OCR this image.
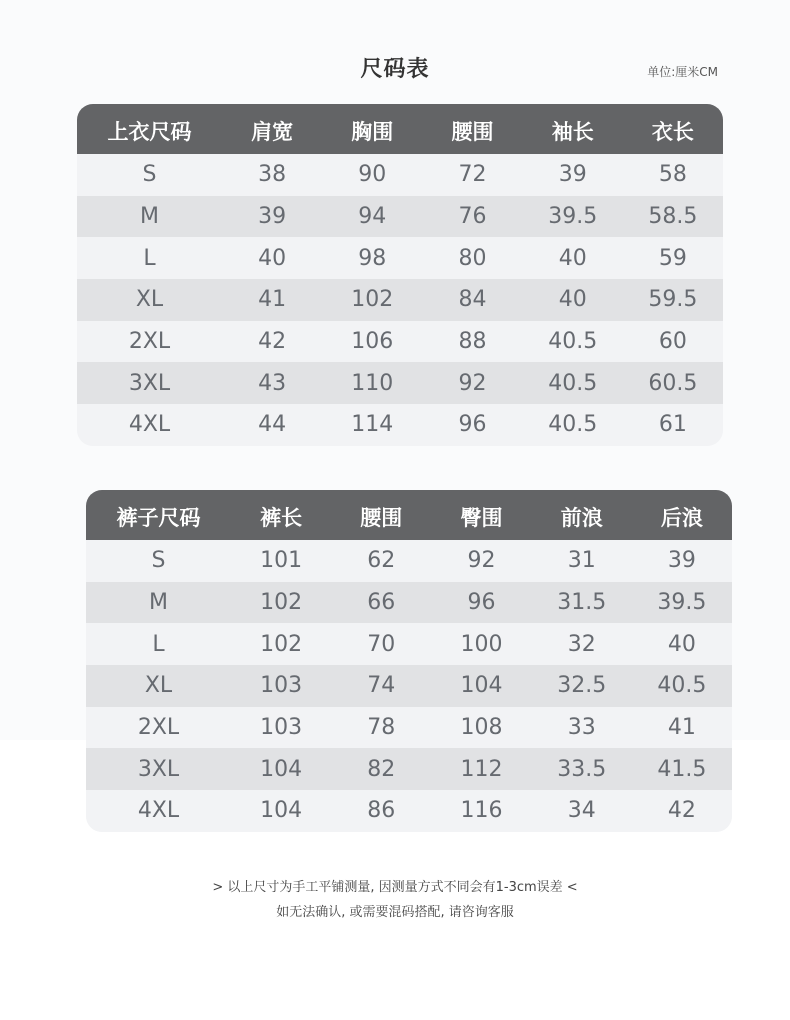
尺码表	单位:厘米CM
上衣尺码	肩宽	胸围	腰围	袖长	衣长
S	38	90	72	39	58
M	39	94	76	39.5	58.5
L	40	98	80	40	59
XL	41	102	84	40	59.5
2XL	42	106	88	40.5	60
3XL	43	110	92	40.5	60.5
4XL	44	114	96	40.5	61
裤子尺码	裤长	腰围	臀围	前浪	后浪
S	101	62	92	31	39
M	102	66	96	31.5	39.5
L	102	70	100	32	40
XL	103	74	104	32.5	40.5
2XL	103	78	108	33	41
3XL	104	82	112	33.5	41.5
4XL	104	86	116	34	42
> 以上尺寸为手工平铺测量, 因测量方式不同会有1-3cm误差 <
如无法确认, 或需要混码搭配, 请咨询客服
